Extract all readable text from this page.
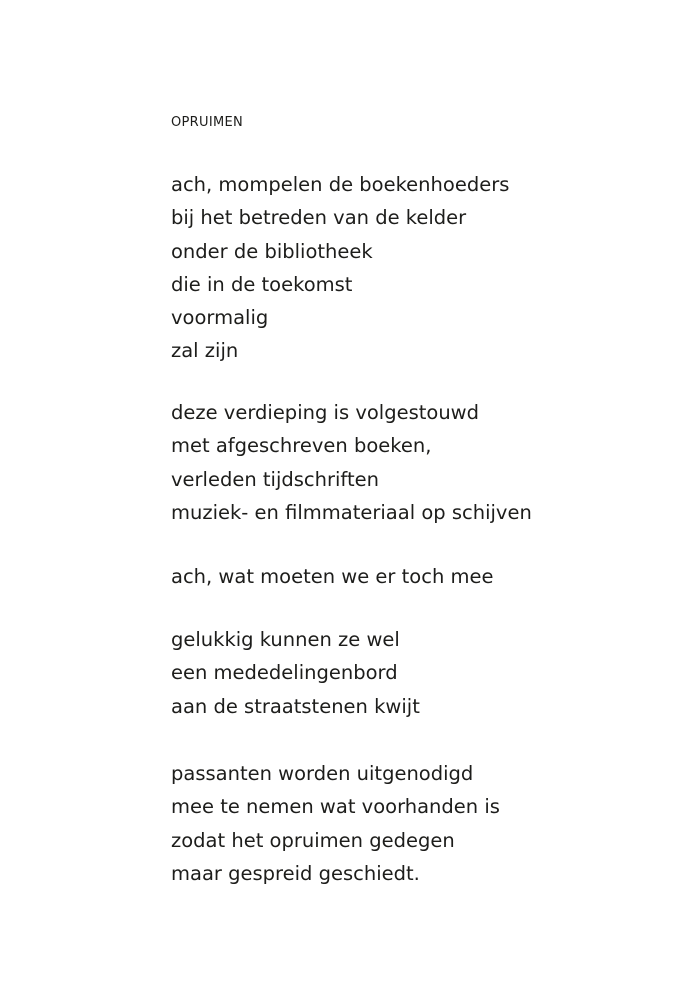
OPRUIMEN
ach, mompelen de boekenhoeders
bij het betreden van de kelder
onder de bibliotheek
die in de toekomst
voormalig
zal zijn
deze verdieping is volgestouwd
met afgeschreven boeken,
verleden tijdschriften
muziek- en filmmateriaal op schijven
ach, wat moeten we er toch mee
gelukkig kunnen ze wel
een mededelingenbord
aan de straatstenen kwijt
passanten worden uitgenodigd
mee te nemen wat voorhanden is
zodat het opruimen gedegen
maar gespreid geschiedt.
